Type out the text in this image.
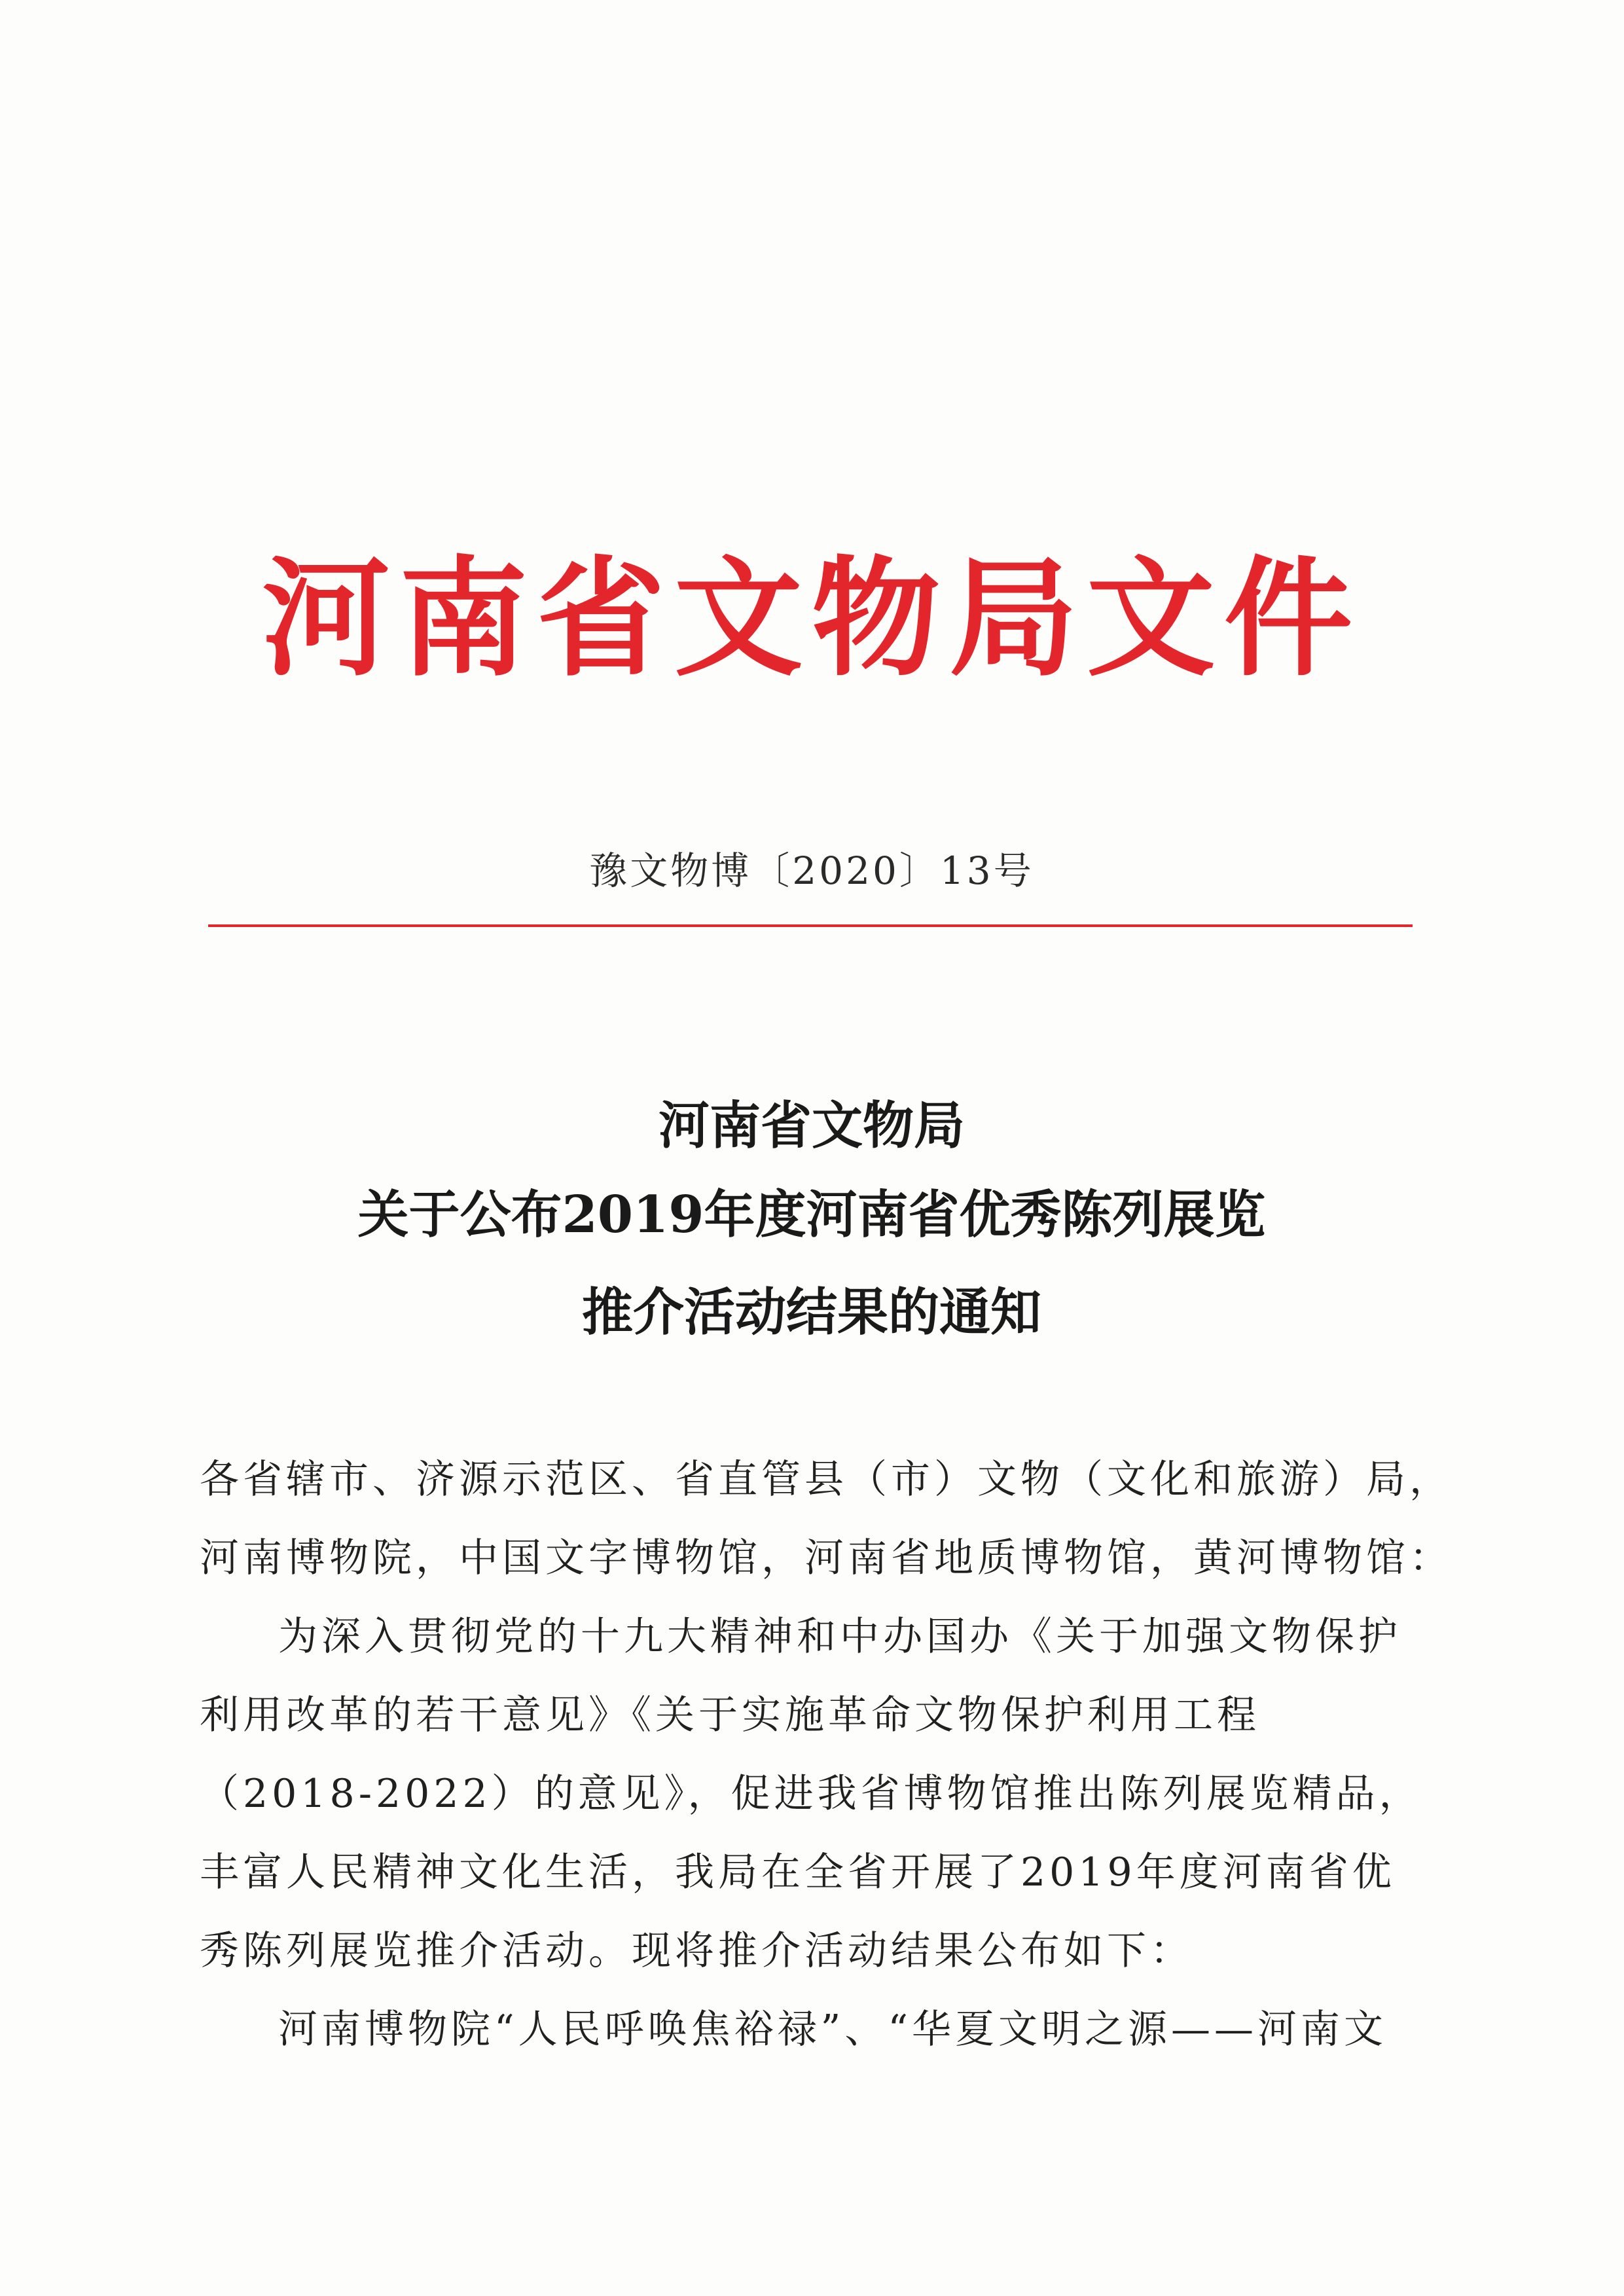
河南省文物局文件
豫文物博〔2020〕13号
河南省文物局
关于公布2019年度河南省优秀陈列展览
推介活动结果的通知
各省辖市、济源示范区、省直管县（市）文物（文化和旅游）局，
河南博物院，中国文字博物馆，河南省地质博物馆，黄河博物馆：
为深入贯彻党的十九大精神和中办国办《关于加强文物保护
利用改革的若干意见》《关于实施革命文物保护利用工程
（2018-2022）的意见》，促进我省博物馆推出陈列展览精品，
丰富人民精神文化生活，我局在全省开展了2019年度河南省优
秀陈列展览推介活动。现将推介活动结果公布如下：
河南博物院“人民呼唤焦裕禄”、“华夏文明之源——河南文
